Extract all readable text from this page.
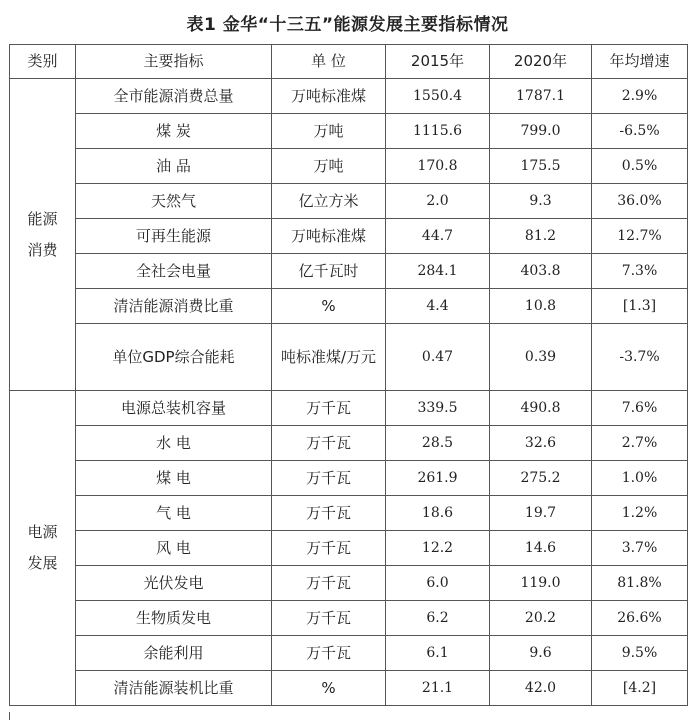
表1 金华“十三五”能源发展主要指标情况
类别	主要指标	单 位	2015年	2020年	年均增速
能源
消费	全市能源消费总量	万吨标准煤	1550.4	1787.1	2.9%
	煤 炭	万吨	1115.6	799.0	-6.5%
	油 品	万吨	170.8	175.5	0.5%
	天然气	亿立方米	2.0	9.3	36.0%
	可再生能源	万吨标准煤	44.7	81.2	12.7%
	全社会电量	亿千瓦时	284.1	403.8	7.3%
	清洁能源消费比重	%	4.4	10.8	[1.3]
	单位GDP综合能耗	吨标准煤/万元	0.47	0.39	-3.7%
电源
发展	电源总装机容量	万千瓦	339.5	490.8	7.6%
	水 电	万千瓦	28.5	32.6	2.7%
	煤 电	万千瓦	261.9	275.2	1.0%
	气 电	万千瓦	18.6	19.7	1.2%
	风 电	万千瓦	12.2	14.6	3.7%
	光伏发电	万千瓦	6.0	119.0	81.8%
	生物质发电	万千瓦	6.2	20.2	26.6%
	余能利用	万千瓦	6.1	9.6	9.5%
	清洁能源装机比重	%	21.1	42.0	[4.2]
